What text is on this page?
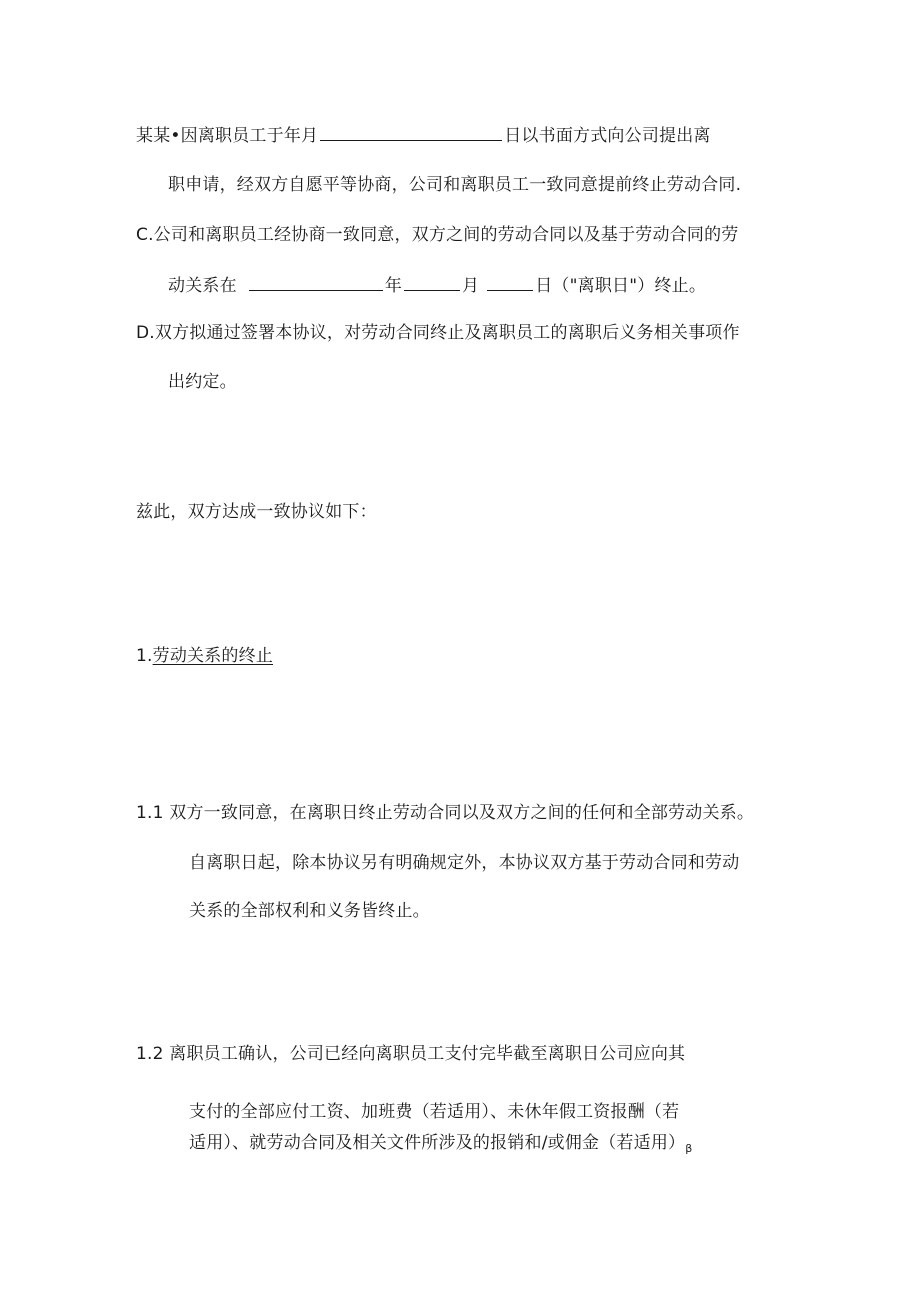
某某•因离职员工于年月	日以书面方式向公司提出离
职申请，经双方自愿平等协商，公司和离职员工一致同意提前终止劳动合同.
C.公司和离职员工经协商一致同意，双方之间的劳动合同以及基于劳动合同的劳
动关系在	年	月	日（"离职日"）终止。
D.双方拟通过签署本协议，对劳动合同终止及离职员工的离职后义务相关事项作
出约定。
兹此，双方达成一致协议如下：
1.劳动关系的终止
1.1 双方一致同意，在离职日终止劳动合同以及双方之间的任何和全部劳动关系。
自离职日起，除本协议另有明确规定外，本协议双方基于劳动合同和劳动
关系的全部权利和义务皆终止。
1.2 离职员工确认，公司已经向离职员工支付完毕截至离职日公司应向其
支付的全部应付工资、加班费（若适用）、未休年假工资报酬（若
适用）、就劳动合同及相关文件所涉及的报销和/或佣金（若适用）$_\beta$
